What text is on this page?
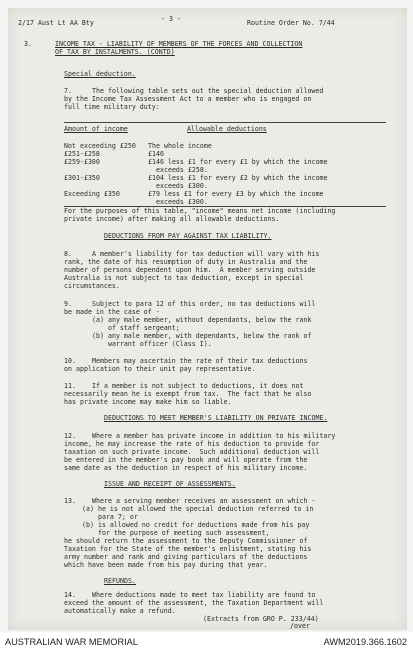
2/17 Aust Lt AA Bty	- 3 -	Routine Order No. 7/44
3.	INCOME TAX - LIABILITY OF MEMBERS OF THE FORCES AND COLLECTION
OF TAX BY INSTALMENTS. (CONTD)
Special deduction.
7.	The following table sets out the special deduction allowed
by the Income Tax Assessment Act to a member who is engaged on
full time military duty:
Amount of income	Allowable deductions
Not exceeding £250 The whole income
£251-£258	£146
£259-£300	£146 less £1 for every £1 by which the income
exceeds £258.
£301-£350	£104 less £1 for every £2 by which the income
exceeds £300.
Exceeding £350	£79 less £1 for every £3 by which the income
exceeds £300.
For the purposes of this table, "income" means net income (including
private income) after making all allowable deductions.
DEDUCTIONS FROM PAY AGAINST TAX LIABILITY.
8.	A member's liability for tax deduction will vary with his
rank, the date of his resumption of duty in Australia and the
number of persons dependent upon him.  A member serving outside
Australia is not subject to tax deduction, except in special
circumstances.
9.	Subject to para 12 of this order, no tax deductions will
be made in the case of -
(a) any male member, without dependants, below the rank
of staff sergeant;
(b) any male member, with dependants, below the rank of
warrant officer (Class I).
10. Members may ascertain the rate of their tax deductions
on application to their unit pay representative.
11. If a member is not subject to deductions, it does not
necessarily mean he is exempt from tax.  The fact that he also
has private income may make him so liable.
DEDUCTIONS TO MEET MEMBER'S LIABILITY ON PRIVATE INCOME.
12. Where a member has private income in addition to his military
income, he may increase the rate of his deduction to provide for
taxation on such private income.  Such additional deduction will
be entered in the member's pay book and will operate from the
same date as the deduction in respect of his military income.
ISSUE AND RECEIPT OF ASSESSMENTS.
13. Where a serving member receives an assessment on which -
(a) he is not allowed the special deduction referred to in
para 7; or
(b) is allowed no credit for deductions made from his pay
for the purpose of meeting such assessment,
he should return the assessment to the Deputy Commissioner of
Taxation for the State of the member's enlistment, stating his
army number and rank and giving particulars of the deductions
which have been made from his pay during that year.
REFUNDS.
14. Where deductions made to meet tax liability are found to
exceed the amount of the assessment, the Taxation Department will
automatically make a refund.
(Extracts from GRO P. 233/44)
/over
AUSTRALIAN WAR MEMORIAL	AWM2019.366.1602
